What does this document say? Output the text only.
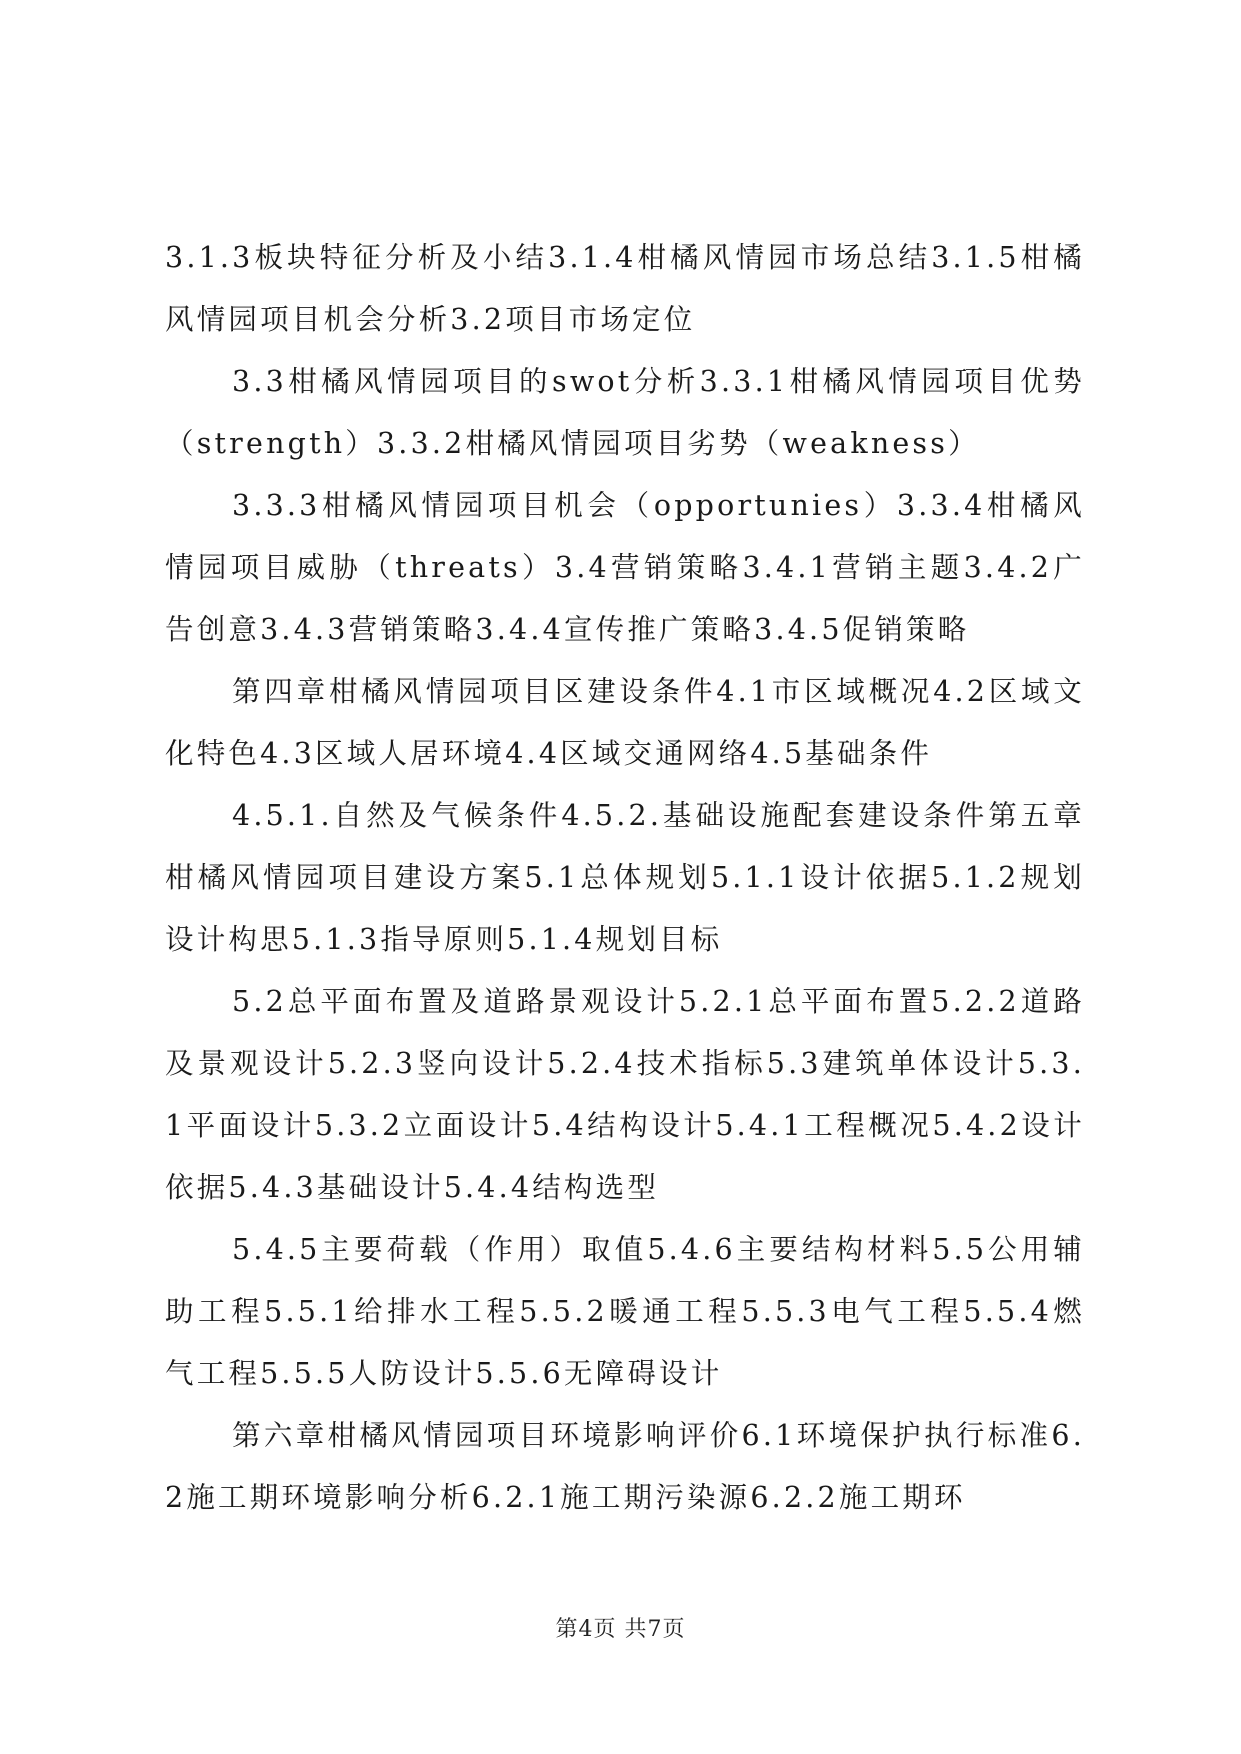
3.1.3板块特征分析及小结3.1.4柑橘风情园市场总结3.1.5柑橘风情园项目机会分析3.2项目市场定位

3.3柑橘风情园项目的swot分析3.3.1柑橘风情园项目优势（strength）3.3.2柑橘风情园项目劣势（weakness）

3.3.3柑橘风情园项目机会（opportunies）3.3.4柑橘风情园项目威胁（threats）3.4营销策略3.4.1营销主题3.4.2广告创意3.4.3营销策略3.4.4宣传推广策略3.4.5促销策略

第四章柑橘风情园项目区建设条件4.1市区域概况4.2区域文化特色4.3区域人居环境4.4区域交通网络4.5基础条件

4.5.1.自然及气候条件4.5.2.基础设施配套建设条件第五章柑橘风情园项目建设方案5.1总体规划5.1.1设计依据5.1.2规划设计构思5.1.3指导原则5.1.4规划目标

5.2总平面布置及道路景观设计5.2.1总平面布置5.2.2道路及景观设计5.2.3竖向设计5.2.4技术指标5.3建筑单体设计5.3.1平面设计5.3.2立面设计5.4结构设计5.4.1工程概况5.4.2设计依据5.4.3基础设计5.4.4结构选型

5.4.5主要荷载（作用）取值5.4.6主要结构材料5.5公用辅助工程5.5.1给排水工程5.5.2暖通工程5.5.3电气工程5.5.4燃气工程5.5.5人防设计5.5.6无障碍设计

第六章柑橘风情园项目环境影响评价6.1环境保护执行标准6.2施工期环境影响分析6.2.1施工期污染源6.2.2施工期环

第4页 共7页
